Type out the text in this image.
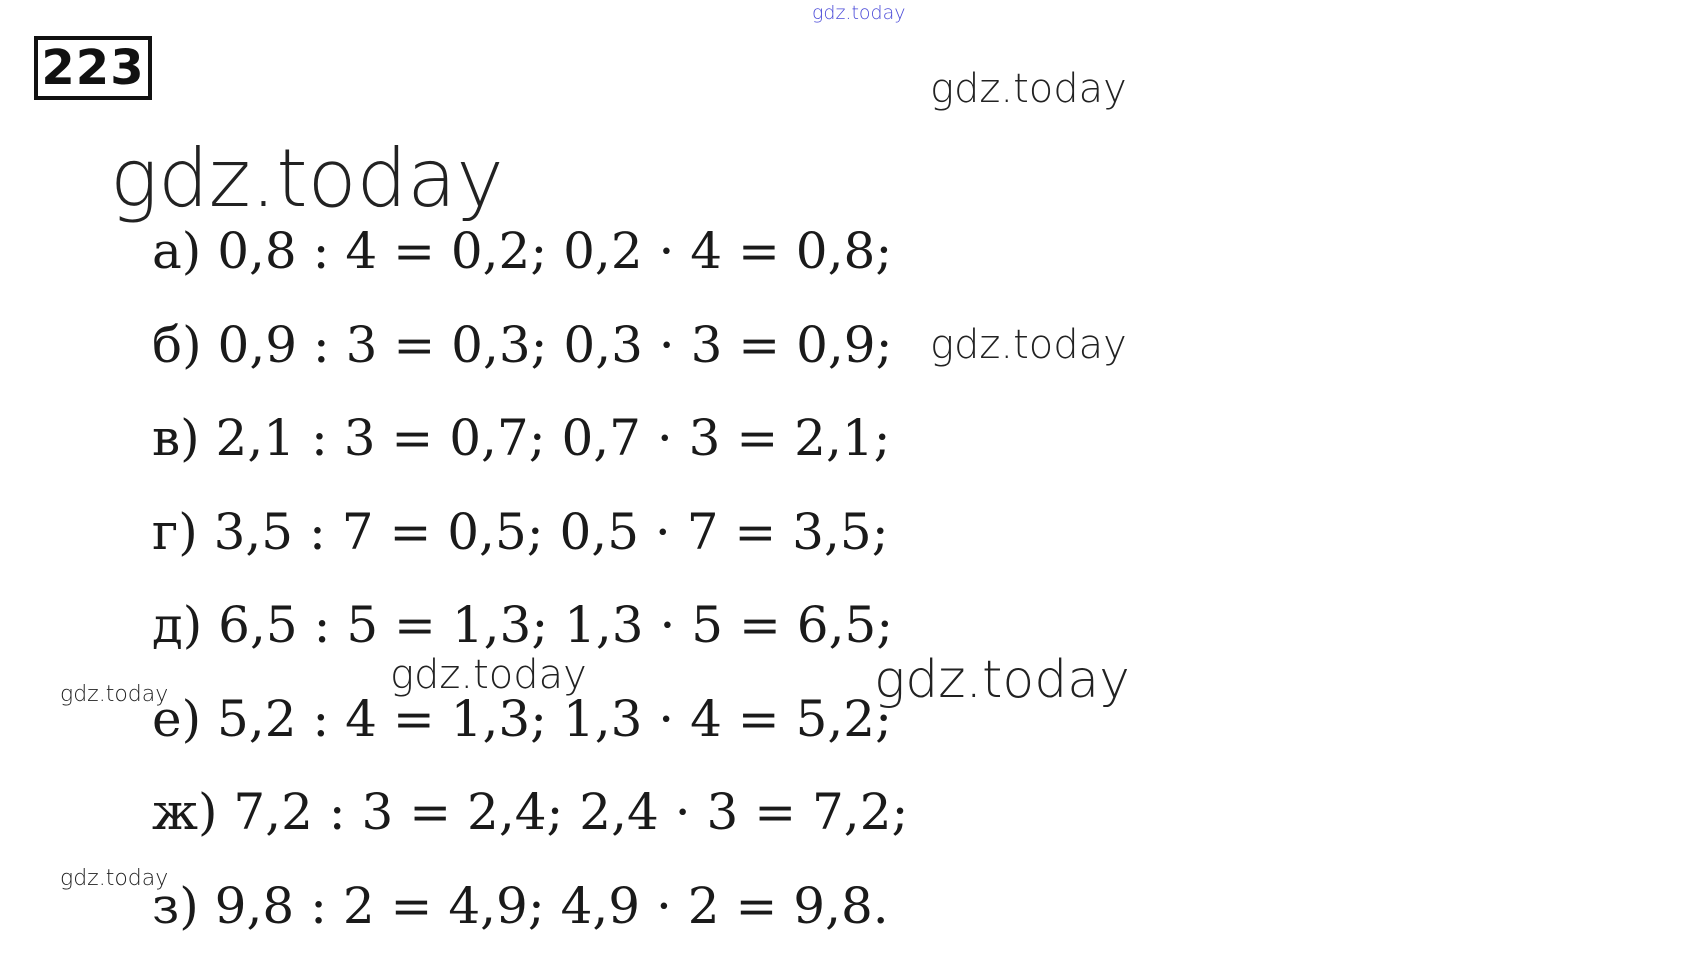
223
gdz.today
gdz.today
gdz.today
gdz.today
gdz.today	gdz.today
gdz.today
gdz.today
а) 0,8 : 4 = 0,2; 0,2 · 4 = 0,8;
б) 0,9 : 3 = 0,3; 0,3 · 3 = 0,9;
в) 2,1 : 3 = 0,7; 0,7 · 3 = 2,1;
г) 3,5 : 7 = 0,5; 0,5 · 7 = 3,5;
д) 6,5 : 5 = 1,3; 1,3 · 5 = 6,5;
е) 5,2 : 4 = 1,3; 1,3 · 4 = 5,2;
ж) 7,2 : 3 = 2,4; 2,4 · 3 = 7,2;
з) 9,8 : 2 = 4,9; 4,9 · 2 = 9,8.
